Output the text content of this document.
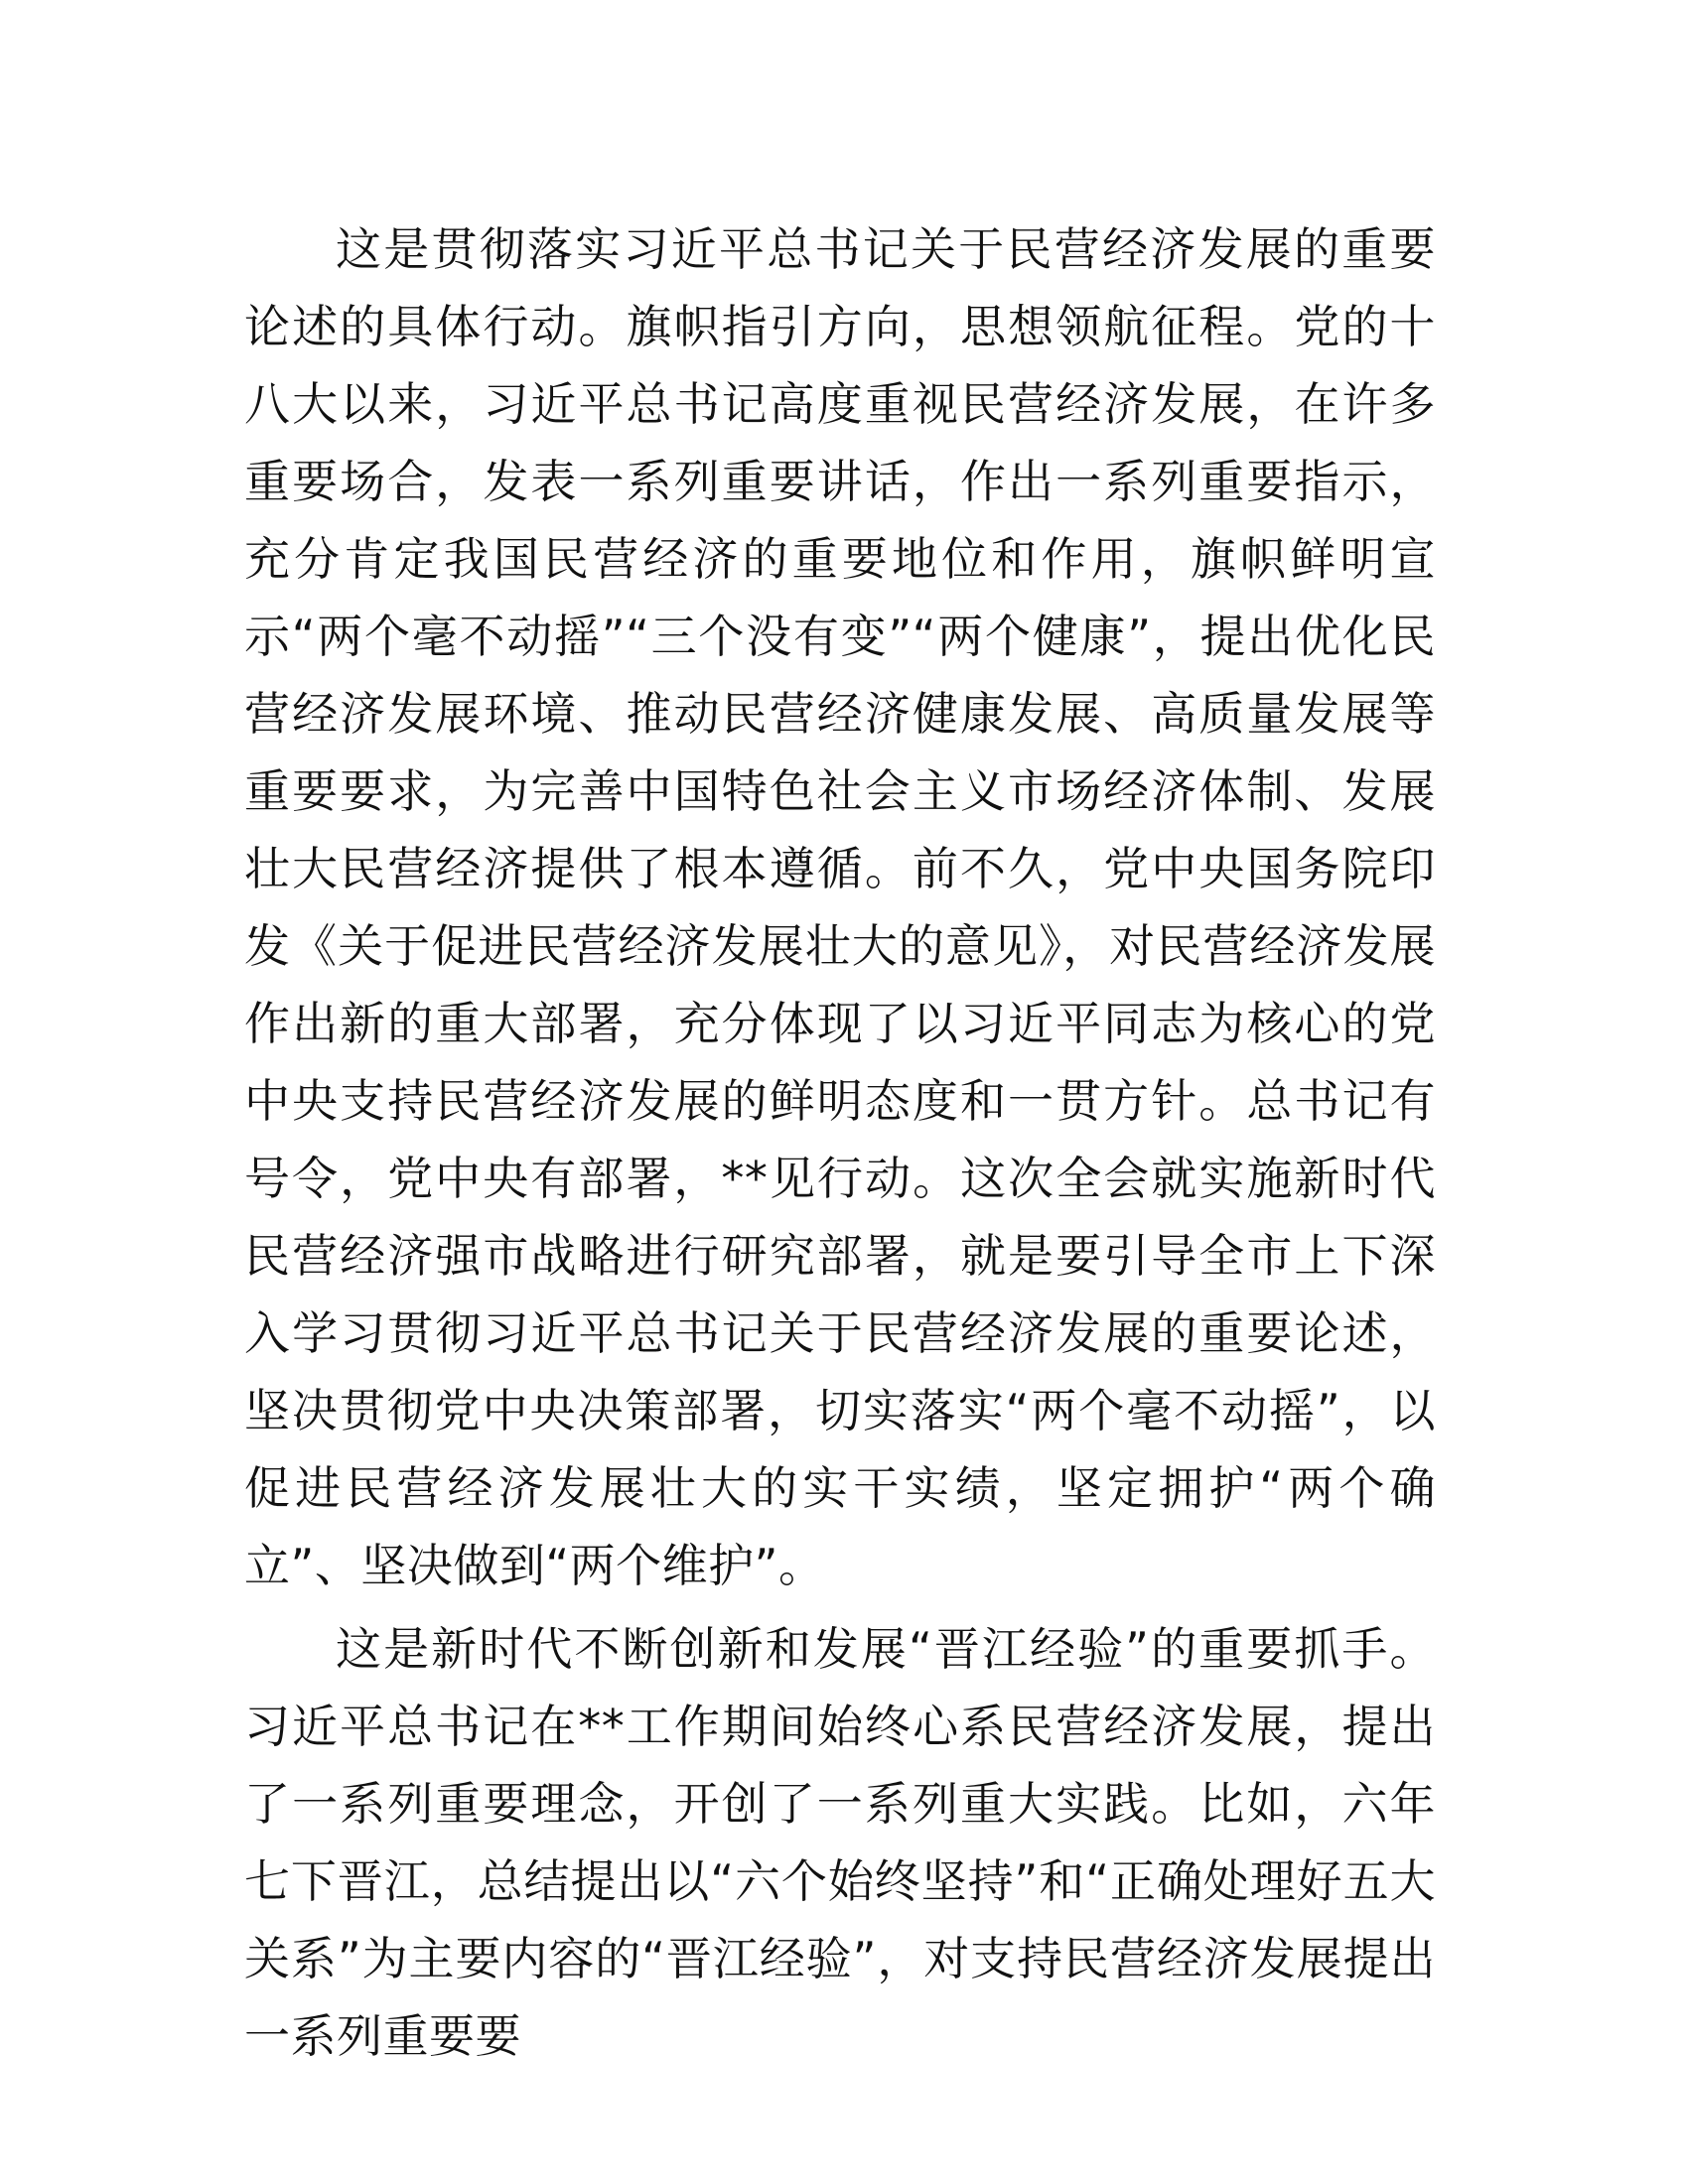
这是贯彻落实习近平总书记关于民营经济发展的重要论述的具体行动。旗帜指引方向，思想领航征程。党的十八大以来，习近平总书记高度重视民营经济发展，在许多重要场合，发表一系列重要讲话，作出一系列重要指示，充分肯定我国民营经济的重要地位和作用，旗帜鲜明宣示“两个毫不动摇”“三个没有变”“两个健康”，提出优化民营经济发展环境、推动民营经济健康发展、高质量发展等重要要求，为完善中国特色社会主义市场经济体制、发展壮大民营经济提供了根本遵循。前不久，党中央国务院印发《关于促进民营经济发展壮大的意见》，对民营经济发展作出新的重大部署，充分体现了以习近平同志为核心的党中央支持民营经济发展的鲜明态度和一贯方针。总书记有号令，党中央有部署，**见行动。这次全会就实施新时代民营经济强市战略进行研究部署，就是要引导全市上下深入学习贯彻习近平总书记关于民营经济发展的重要论述，坚决贯彻党中央决策部署，切实落实“两个毫不动摇”，以促进民营经济发展壮大的实干实绩，坚定拥护“两个确立”、坚决做到“两个维护”。

这是新时代不断创新和发展“晋江经验”的重要抓手。习近平总书记在**工作期间始终心系民营经济发展，提出了一系列重要理念，开创了一系列重大实践。比如，六年七下晋江，总结提出以“六个始终坚持”和“正确处理好五大关系”为主要内容的“晋江经验”，对支持民营经济发展提出一系列重要要
